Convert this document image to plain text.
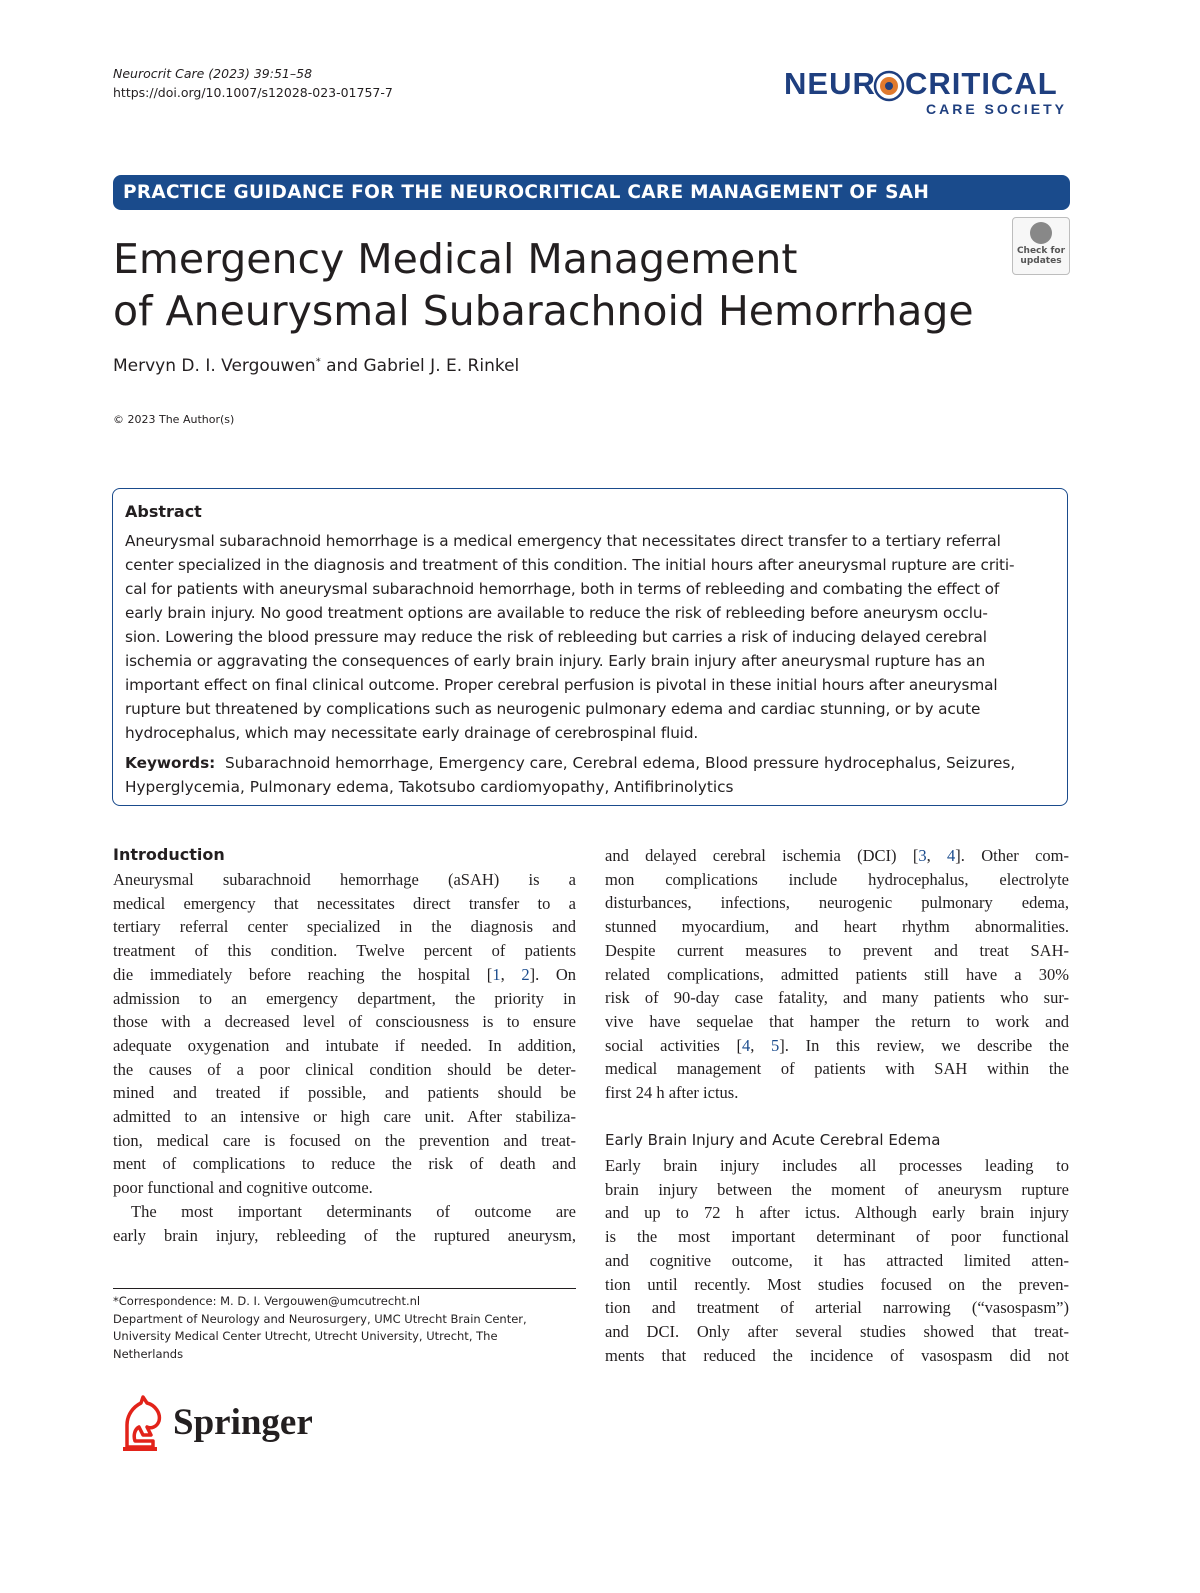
Neurocrit Care (2023) 39:51–58
https://doi.org/10.1007/s12028-023-01757-7	NEUR CRITICAL
CARE SOCIETY
PRACTICE GUIDANCE FOR THE NEUROCRITICAL CARE MANAGEMENT OF SAH
Emergency Medical Management
of Aneurysmal Subarachnoid Hemorrhage
Check for updates
Mervyn D. I. Vergouwen* and Gabriel J. E. Rinkel
© 2023 The Author(s)
Abstract
Aneurysmal subarachnoid hemorrhage is a medical emergency that necessitates direct transfer to a tertiary referral
center specialized in the diagnosis and treatment of this condition. The initial hours after aneurysmal rupture are criti-
cal for patients with aneurysmal subarachnoid hemorrhage, both in terms of rebleeding and combating the effect of
early brain injury. No good treatment options are available to reduce the risk of rebleeding before aneurysm occlu-
sion. Lowering the blood pressure may reduce the risk of rebleeding but carries a risk of inducing delayed cerebral
ischemia or aggravating the consequences of early brain injury. Early brain injury after aneurysmal rupture has an
important effect on final clinical outcome. Proper cerebral perfusion is pivotal in these initial hours after aneurysmal
rupture but threatened by complications such as neurogenic pulmonary edema and cardiac stunning, or by acute
hydrocephalus, which may necessitate early drainage of cerebrospinal fluid.
Keywords: Subarachnoid hemorrhage, Emergency care, Cerebral edema, Blood pressure hydrocephalus, Seizures,
Hyperglycemia, Pulmonary edema, Takotsubo cardiomyopathy, Antifibrinolytics
Introduction
Aneurysmal subarachnoid hemorrhage (aSAH) is a
medical emergency that necessitates direct transfer to a
tertiary referral center specialized in the diagnosis and
treatment of this condition. Twelve percent of patients
die immediately before reaching the hospital [1, 2]. On
admission to an emergency department, the priority in
those with a decreased level of consciousness is to ensure
adequate oxygenation and intubate if needed. In addition,
the causes of a poor clinical condition should be deter-
mined and treated if possible, and patients should be
admitted to an intensive or high care unit. After stabiliza-
tion, medical care is focused on the prevention and treat-
ment of complications to reduce the risk of death and
poor functional and cognitive outcome.
The most important determinants of outcome are
early brain injury, rebleeding of the ruptured aneurysm,
*Correspondence: M. D. I. Vergouwen@umcutrecht.nl
Department of Neurology and Neurosurgery, UMC Utrecht Brain Center,
University Medical Center Utrecht, Utrecht University, Utrecht, The
Netherlands
and delayed cerebral ischemia (DCI) [3, 4]. Other com-
mon complications include hydrocephalus, electrolyte
disturbances, infections, neurogenic pulmonary edema,
stunned myocardium, and heart rhythm abnormalities.
Despite current measures to prevent and treat SAH-
related complications, admitted patients still have a 30%
risk of 90-day case fatality, and many patients who sur-
vive have sequelae that hamper the return to work and
social activities [4, 5]. In this review, we describe the
medical management of patients with SAH within the
first 24 h after ictus.
Early Brain Injury and Acute Cerebral Edema
Early brain injury includes all processes leading to
brain injury between the moment of aneurysm rupture
and up to 72 h after ictus. Although early brain injury
is the most important determinant of poor functional
and cognitive outcome, it has attracted limited atten-
tion until recently. Most studies focused on the preven-
tion and treatment of arterial narrowing (“vasospasm”)
and DCI. Only after several studies showed that treat-
ments that reduced the incidence of vasospasm did not
Springer
